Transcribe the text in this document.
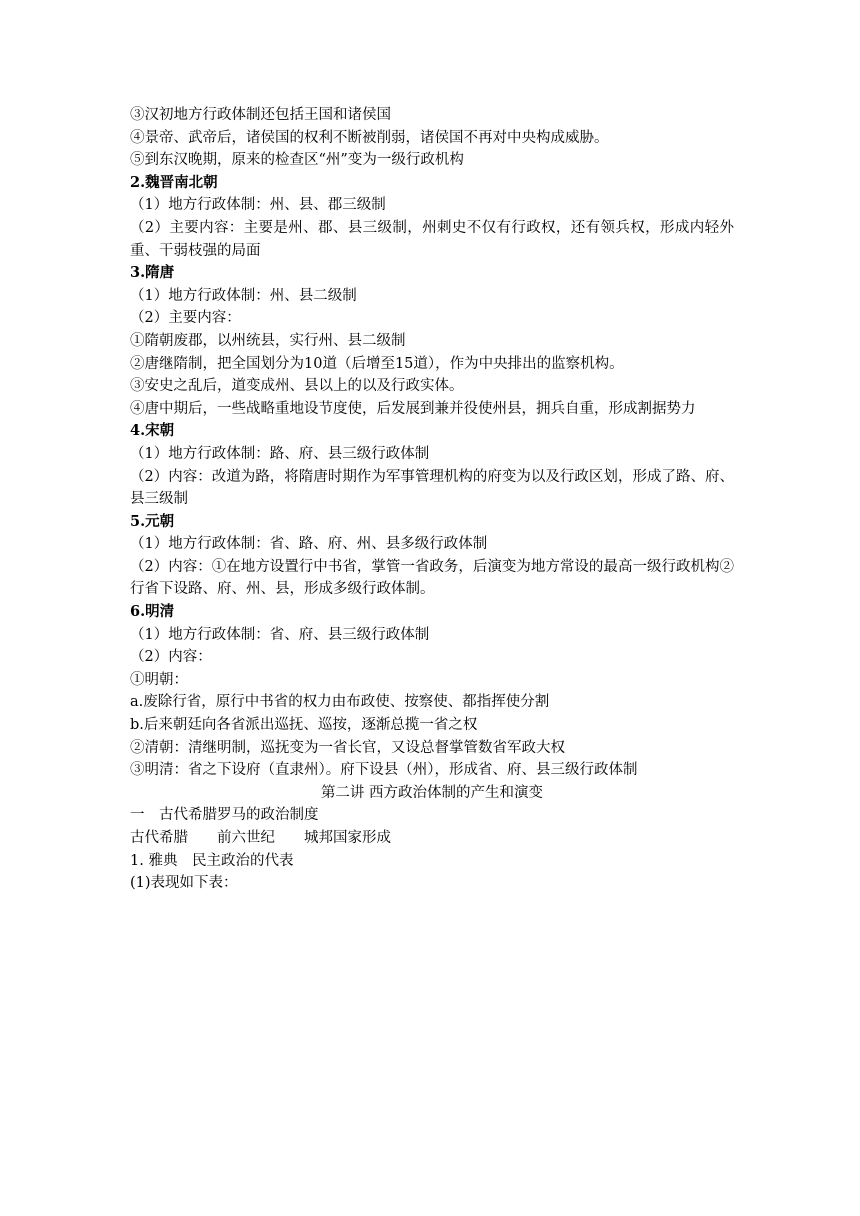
③汉初地方行政体制还包括王国和诸侯国
④景帝、武帝后，诸侯国的权利不断被削弱，诸侯国不再对中央构成威胁。
⑤到东汉晚期，原来的检查区“州”变为一级行政机构
2.魏晋南北朝
（1）地方行政体制：州、县、郡三级制
（2）主要内容：主要是州、郡、县三级制，州刺史不仅有行政权，还有领兵权，形成内轻外重、干弱枝强的局面
3.隋唐
（1）地方行政体制：州、县二级制
（2）主要内容：
①隋朝废郡，以州统县，实行州、县二级制
②唐继隋制，把全国划分为10道（后增至15道），作为中央排出的监察机构。
③安史之乱后，道变成州、县以上的以及行政实体。
④唐中期后，一些战略重地设节度使，后发展到兼并役使州县，拥兵自重，形成割据势力
4.宋朝
（1）地方行政体制：路、府、县三级行政体制
（2）内容：改道为路，将隋唐时期作为军事管理机构的府变为以及行政区划，形成了路、府、县三级制
5.元朝
（1）地方行政体制：省、路、府、州、县多级行政体制
（2）内容：①在地方设置行中书省，掌管一省政务，后演变为地方常设的最高一级行政机构②行省下设路、府、州、县，形成多级行政体制。
6.明清
（1）地方行政体制：省、府、县三级行政体制
（2）内容：
①明朝：
a.废除行省，原行中书省的权力由布政使、按察使、都指挥使分割
b.后来朝廷向各省派出巡抚、巡按，逐渐总揽一省之权
②清朝：清继明制，巡抚变为一省长官，又设总督掌管数省军政大权
③明清：省之下设府（直隶州）。府下设县（州），形成省、府、县三级行政体制
第二讲 西方政治体制的产生和演变
一　古代希腊罗马的政治制度
古代希腊　　前六世纪　　城邦国家形成
1. 雅典　民主政治的代表
(1)表现如下表：
